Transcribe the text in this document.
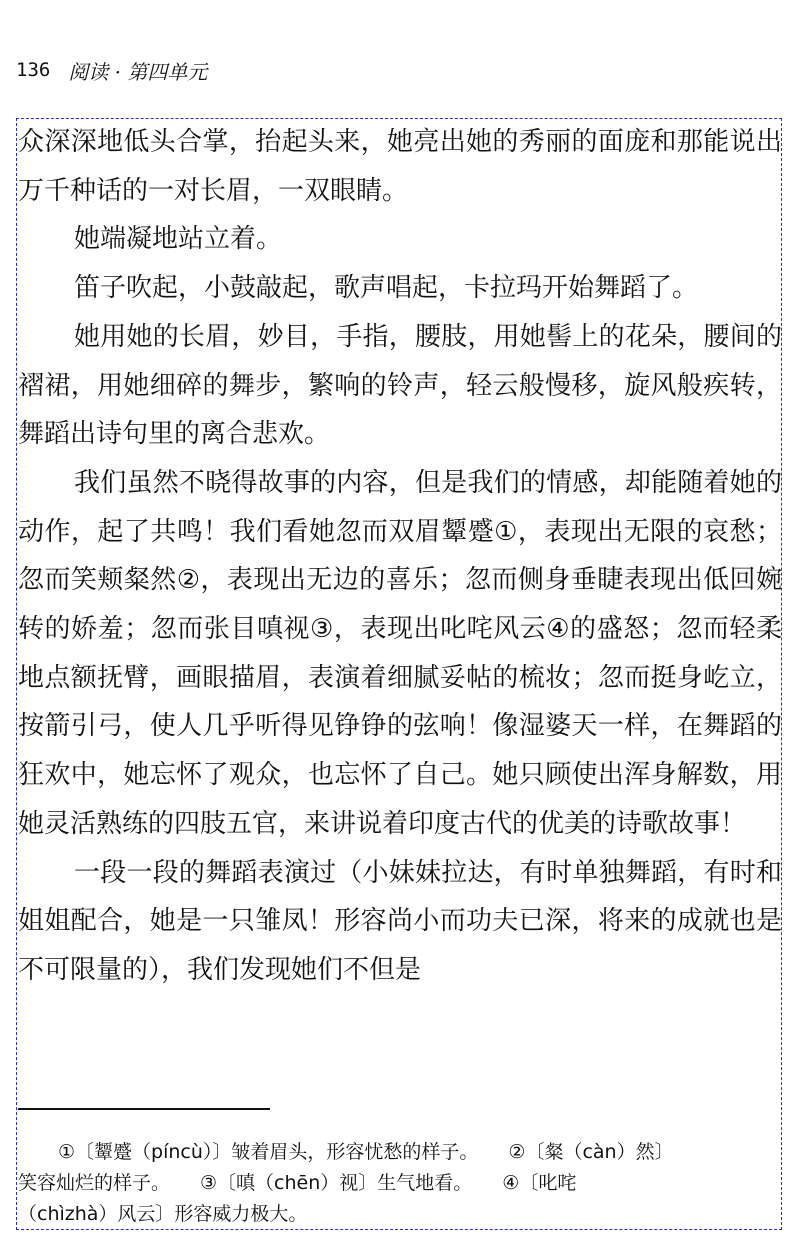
136 阅读 · 第四单元

众深深地低头合掌，抬起头来，她亮出她的秀丽的面庞和那能说出万千种话的一对长眉，一双眼睛。

她端凝地站立着。

笛子吹起，小鼓敲起，歌声唱起，卡拉玛开始舞蹈了。

她用她的长眉，妙目，手指，腰肢，用她髻上的花朵，腰间的褶裙，用她细碎的舞步，繁响的铃声，轻云般慢移，旋风般疾转，舞蹈出诗句里的离合悲欢。

我们虽然不晓得故事的内容，但是我们的情感，却能随着她的动作，起了共鸣！我们看她忽而双眉颦蹙①，表现出无限的哀愁；忽而笑颊粲然②，表现出无边的喜乐；忽而侧身垂睫表现出低回婉转的娇羞；忽而张目嗔视③，表现出叱咤风云④的盛怒；忽而轻柔地点额抚臂，画眼描眉，表演着细腻妥帖的梳妆；忽而挺身屹立，按箭引弓，使人几乎听得见铮铮的弦响！像湿婆天一样，在舞蹈的狂欢中，她忘怀了观众，也忘怀了自己。她只顾使出浑身解数，用她灵活熟练的四肢五官，来讲说着印度古代的优美的诗歌故事！

一段一段的舞蹈表演过（小妹妹拉达，有时单独舞蹈，有时和姐姐配合，她是一只雏凤！形容尚小而功夫已深，将来的成就也是不可限量的），我们发现她们不但是

①〔颦蹙（píncù）〕皱着眉头，形容忧愁的样子。 ②〔粲（càn）然〕

笑容灿烂的样子。 ③〔嗔（chēn）视〕生气地看。 ④〔叱咤

（chìzhà）风云〕形容威力极大。
